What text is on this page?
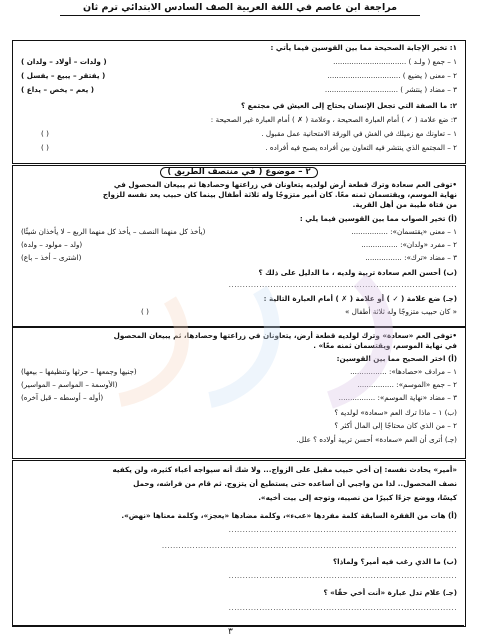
مراجعة ابن عاصم في اللغة العربية الصف السادس الابتدائي ترم ثان
١: تخير الإجابة الصحيحة مما بين القوسين فيما يأتي :
١ – جمع ( ولـد ) ................................
( ولدات – أولاد – ولدان )
٢ – معنى ( يضيع ) ................................
( يفتقر – يبيع – يفسل )
٣ – مضاد ( ينتشر ) ................................
( يعم – يخص – يداع )
٢: ما الصفة التي تجعل الإنسان يحتاج إلى العيش في مجتمع ؟
٣: ضع علامة ( ✓ ) أمام العبارة الصحيحة ، وعلامة ( ✗ ) أمام العبارة غير الصحيحة :
١ – تعاونك مع زميلك في الغش في الورقة الامتحانية عمل مقبول .
( )
٢ – المجتمع الذي ينتشر فيه التعاون بين أفراده يصبح فيه أفراده .
( )
٢ – موضوع ( في منتصف الطريق )
•توفى العم سعادة وترك قطعة أرض لولديه يتعاونان في زراعتها وحصادها ثم يبيعان المحصول في
نهاية الموسم، ويقتسمان ثمنه معًا. كان أمير متزوجًا وله ثلاثة أطفال بينما كان حبيب يعد نفسه للزواج
من فتاة طيبة من أهل القرية.
(أ) تخير الصواب مما بين القوسين فيما يلي :
١ – معنى «يقتسمان»: ................
(يأخذ كل منهما النصف – يأخذ كل منهما الربع – لا يأخذان شيئًا)
٢ – مفرد «ولدان»: ................
(ولد – مولود – ولدة)
٣ – مضاد «ترك»: ................
(اشترى – أخذ – باع)
(ب) أحسن العم سعادة تربية ولديه ، ما الدليل على ذلك ؟
..................................................................................
(جـ) ضع علامة ( ✓ ) أو علامة ( ✗ ) أمام العبارة التالية :
« كان حبيب متزوجًا وله ثلاثة أطفال »
( )
•توفى العم «سعادة» وترك لولديه قطعة أرض، يتعاونان في زراعتها وحصادها، ثم يبيعان المحصول
في نهاية الموسم، ويقتسمان ثمنه معًا» .
(أ) اختر الصحيح مما بين القوسين:
١ – مرادف «حصادها»: ................
(جنيها وجمعها – حرثها وتنظيفها – بيعها)
٢ – جمع «الموسم»: ................
(الأوسمة – المواسم – المواسير)
٣ – مضاد «نهاية الموسم»: ................
(أوله – أوسطه – قبل آخره)
(ب) ١ – ماذا ترك العم «سعادة» لولديه ؟
٢ – من الذي كان محتاجًا إلى المال أكثر ؟
(جـ) أترى أن العم «سعادة» أحسن تربية أولاده ؟ علل.
«أمير» يحادث نفسه: إن أخي حبيب مقبل على الزواج... ولا شك أنه سيواجه أعباء كثيرة، ولن يكفيه
نصف المحصول.. لذا من واجبي أن أساعده حتى يستطيع أن يتزوج. ثم قام من فراشه، وحمل
كيسًا، ووضع جزءًا كبيرًا من نصيبه، وتوجه إلى بيت أخيه».
(أ) هات من الفقرة السابقة كلمة مفردها «عبء»، وكلمة مضادها «يعجز»، وكلمة معناها «نهض».
..................................................................................
..........................................................................................................
(ب) ما الذي رغب فيه أمير؟ ولماذا؟
..................................................................................
(جـ) علام تدل عبارة «أنت أخي حقًا» ؟
..................................................................................
٣
